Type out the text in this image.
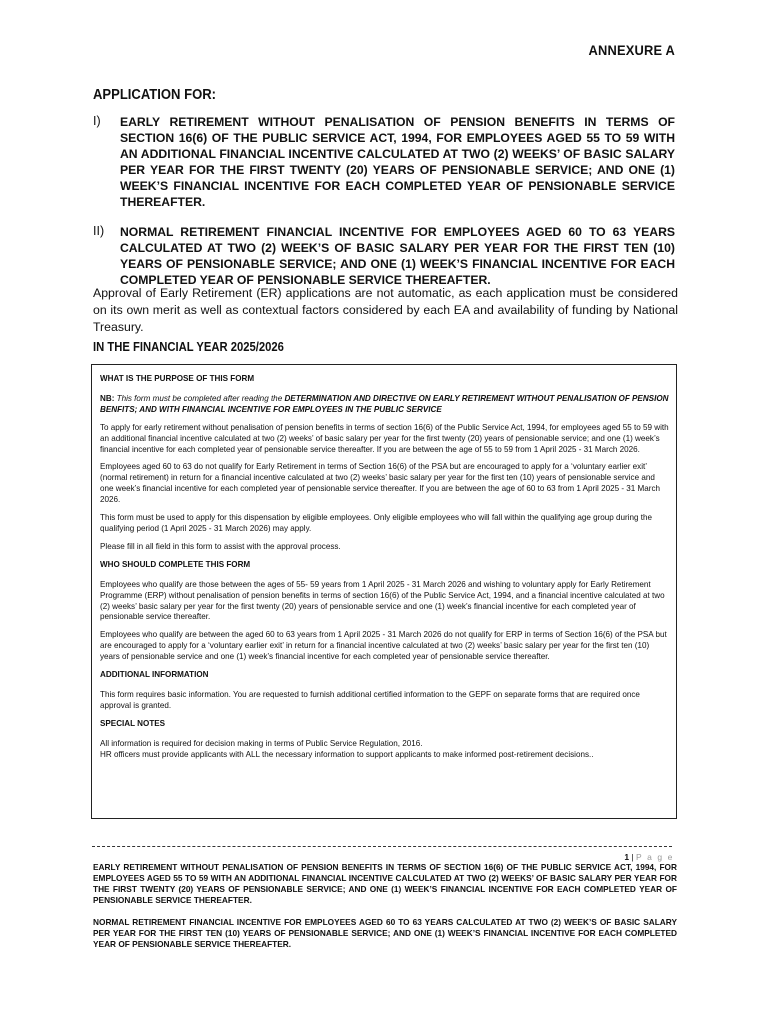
ANNEXURE A
APPLICATION FOR:
I) EARLY RETIREMENT WITHOUT PENALISATION OF PENSION BENEFITS IN TERMS OF SECTION 16(6) OF THE PUBLIC SERVICE ACT, 1994, FOR EMPLOYEES AGED 55 TO 59 WITH AN ADDITIONAL FINANCIAL INCENTIVE CALCULATED AT TWO (2) WEEKS’ OF BASIC SALARY PER YEAR FOR THE FIRST TWENTY (20) YEARS OF PENSIONABLE SERVICE; AND ONE (1) WEEK’S FINANCIAL INCENTIVE FOR EACH COMPLETED YEAR OF PENSIONABLE SERVICE THEREAFTER.
II) NORMAL RETIREMENT FINANCIAL INCENTIVE FOR EMPLOYEES AGED 60 TO 63 YEARS CALCULATED AT TWO (2) WEEK’S OF BASIC SALARY PER YEAR FOR THE FIRST TEN (10) YEARS OF PENSIONABLE SERVICE; AND ONE (1) WEEK’S FINANCIAL INCENTIVE FOR EACH COMPLETED YEAR OF PENSIONABLE SERVICE THEREAFTER.
Approval of Early Retirement (ER) applications are not automatic, as each application must be considered on its own merit as well as contextual factors considered by each EA and availability of funding by National Treasury.
IN THE FINANCIAL YEAR 2025/2026

WHAT IS THE PURPOSE OF THIS FORM

NB: This form must be completed after reading the DETERMINATION AND DIRECTIVE ON EARLY RETIREMENT WITHOUT PENALISATION OF PENSION BENFITS; AND WITH FINANCIAL INCENTIVE FOR EMPLOYEES IN THE PUBLIC SERVICE

To apply for early retirement without penalisation of pension benefits in terms of section 16(6) of the Public Service Act, 1994, for employees aged 55 to 59 with an additional financial incentive calculated at two (2) weeks’ of basic salary per year for the first twenty (20) years of pensionable service; and one (1) week’s financial incentive for each completed year of pensionable service thereafter. If you are between the age of 55 to 59 from 1 April 2025 - 31 March 2026.

Employees aged 60 to 63 do not qualify for Early Retirement in terms of Section 16(6) of the PSA but are encouraged to apply for a ‘voluntary earlier exit’ (normal retirement) in return for a financial incentive calculated at two (2) weeks’ basic salary per year for the first ten (10) years of pensionable service and one week’s financial incentive for each completed year of pensionable service thereafter. If you are between the age of 60 to 63 from 1 April 2025 - 31 March 2026.

This form must be used to apply for this dispensation by eligible employees. Only eligible employees who will fall within the qualifying age group during the qualifying period (1 April 2025 - 31 March 2026) may apply.

Please fill in all field in this form to assist with the approval process.

WHO SHOULD COMPLETE THIS FORM

Employees who qualify are those between the ages of 55- 59 years from 1 April 2025 - 31 March 2026 and wishing to voluntary apply for Early Retirement Programme (ERP) without penalisation of pension benefits in terms of section 16(6) of the Public Service Act, 1994, and a financial incentive calculated at two (2) weeks’ basic salary per year for the first twenty (20) years of pensionable service and one (1) week’s financial incentive for each completed year of pensionable service thereafter.

Employees who qualify are between the aged 60 to 63 years from 1 April 2025 - 31 March 2026 do not qualify for ERP in terms of Section 16(6) of the PSA but are encouraged to apply for a ‘voluntary earlier exit’ in return for a financial incentive calculated at two (2) weeks’ basic salary per year for the first ten (10) years of pensionable service and one (1) week’s financial incentive for each completed year of pensionable service thereafter.

ADDITIONAL INFORMATION

This form requires basic information. You are requested to furnish additional certified information to the GEPF on separate forms that are required once approval is granted.

SPECIAL NOTES

All information is required for decision making in terms of Public Service Regulation, 2016.

HR officers must provide applicants with ALL the necessary information to support applicants to make informed post-retirement decisions..

1 | P a g e

EARLY RETIREMENT WITHOUT PENALISATION OF PENSION BENEFITS IN TERMS OF SECTION 16(6) OF THE PUBLIC SERVICE ACT, 1994, FOR EMPLOYEES AGED 55 TO 59 WITH AN ADDITIONAL FINANCIAL INCENTIVE CALCULATED AT TWO (2) WEEKS’ OF BASIC SALARY PER YEAR FOR THE FIRST TWENTY (20) YEARS OF PENSIONABLE SERVICE; AND ONE (1) WEEK’S FINANCIAL INCENTIVE FOR EACH COMPLETED YEAR OF PENSIONABLE SERVICE THEREAFTER.

NORMAL RETIREMENT FINANCIAL INCENTIVE FOR EMPLOYEES AGED 60 TO 63 YEARS CALCULATED AT TWO (2) WEEK’S OF BASIC SALARY PER YEAR FOR THE FIRST TEN (10) YEARS OF PENSIONABLE SERVICE; AND ONE (1) WEEK’S FINANCIAL INCENTIVE FOR EACH COMPLETED YEAR OF PENSIONABLE SERVICE THEREAFTER.
